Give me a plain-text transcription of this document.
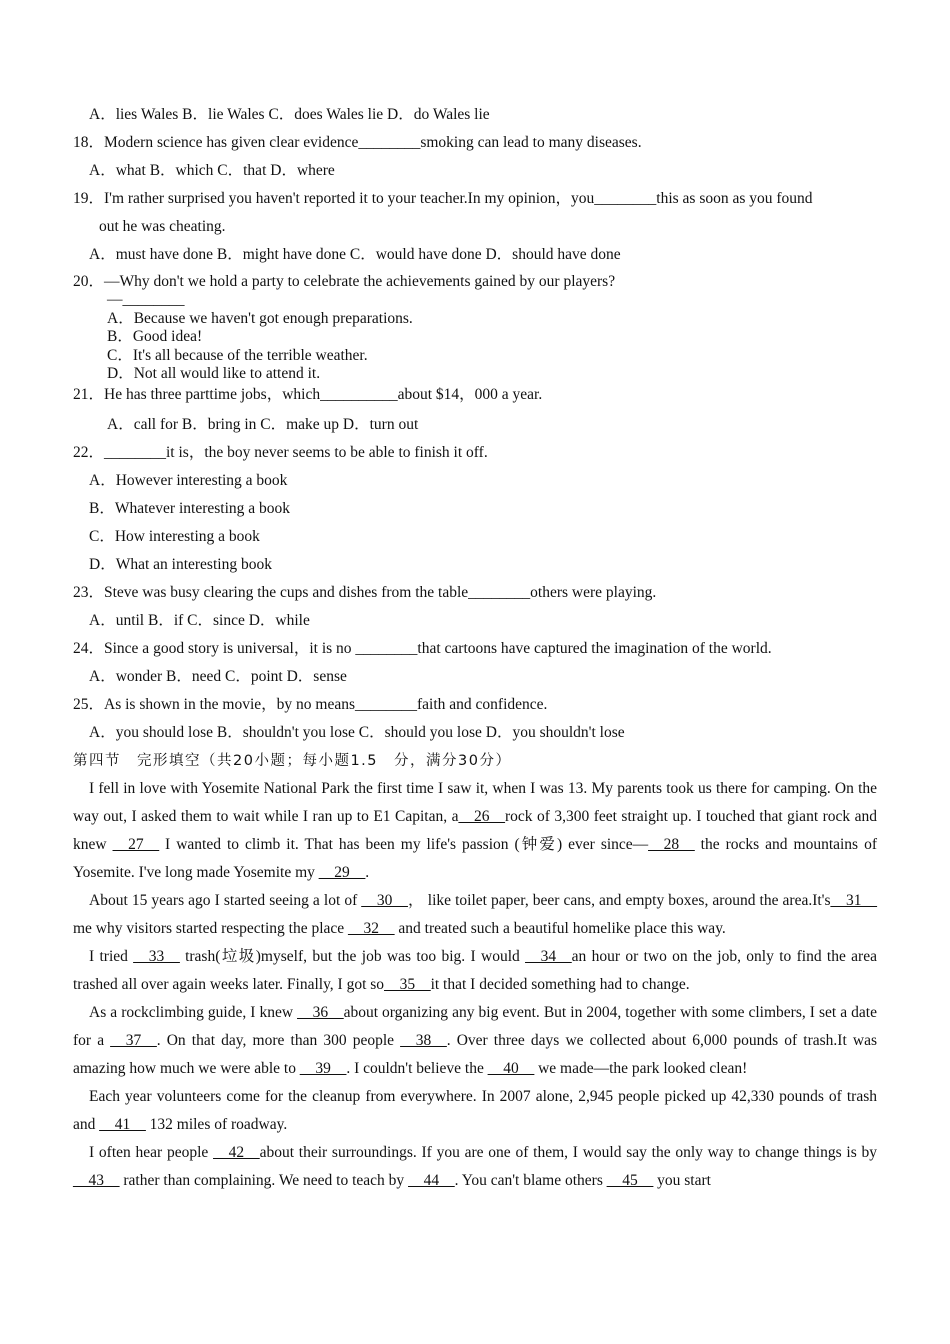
A．lies Wales B．lie Wales C．does Wales lie D．do Wales lie
18．Modern science has given clear evidence________smoking can lead to many diseases.
A．what B．which C．that D．where
19．I'm rather surprised you haven't reported it to your teacher.In my opinion，you________this as soon as you found
out he was cheating.
A．must have done B．might have done C．would have done D．should have done
20．—Why don't we hold a party to celebrate the achievements gained by our players?
—________
A．Because we haven't got enough preparations.
B．Good idea!
C．It's all because of the terrible weather.
D．Not all would like to attend it.
21．He has three parttime jobs，which__________about $14，000 a year.
A．call for B．bring in C．make up D．turn out
22．________it is，the boy never seems to be able to finish it off.
A．However interesting a book
B．Whatever interesting a book
C．How interesting a book
D．What an interesting book
23．Steve was busy clearing the cups and dishes from the table________others were playing.
A．until B．if C．since D．while
24．Since a good story is universal，it is no ________that cartoons have captured the imagination of the world.
A．wonder B．need C．point D．sense
25．As is shown in the movie，by no means________faith and confidence.
A．you should lose B．shouldn't you lose C．should you lose D．you shouldn't lose
第四节　完形填空（共20小题；每小题1.5　分，满分30分）
I fell in love with Yosemite National Park the first time I saw it, when I was 13. My parents took us there for camping. On the way out, I asked them to wait while I ran up to E1 Capitan, a__26__rock of 3,300 feet straight up. I touched that giant rock and knew __27__ I wanted to climb it. That has been my life's passion (钟爱) ever since—__28__ the rocks and mountains of Yosemite. I've long made Yosemite my __29__.
About 15 years ago I started seeing a lot of __30__， like toilet paper, beer cans, and empty boxes, around the area.It's__31__ me why visitors started respecting the place __32__ and treated such a beautiful homelike place this way.
I tried __33__ trash(垃圾)myself, but the job was too big. I would __34__an hour or two on the job, only to find the area trashed all over again weeks later. Finally, I got so__35__it that I decided something had to change.
As a rockclimbing guide, I knew __36__about organizing any big event. But in 2004, together with some climbers, I set a date for a __37__. On that day, more than 300 people __38__. Over three days we collected about 6,000 pounds of trash.It was amazing how much we were able to __39__. I couldn't believe the __40__ we made—the park looked clean!
Each year volunteers come for the cleanup from everywhere. In 2007 alone, 2,945 people picked up 42,330 pounds of trash and __41__ 132 miles of roadway.
I often hear people __42__about their surroundings. If you are one of them, I would say the only way to change things is by __43__ rather than complaining. We need to teach by __44__. You can't blame others __45__ you start
